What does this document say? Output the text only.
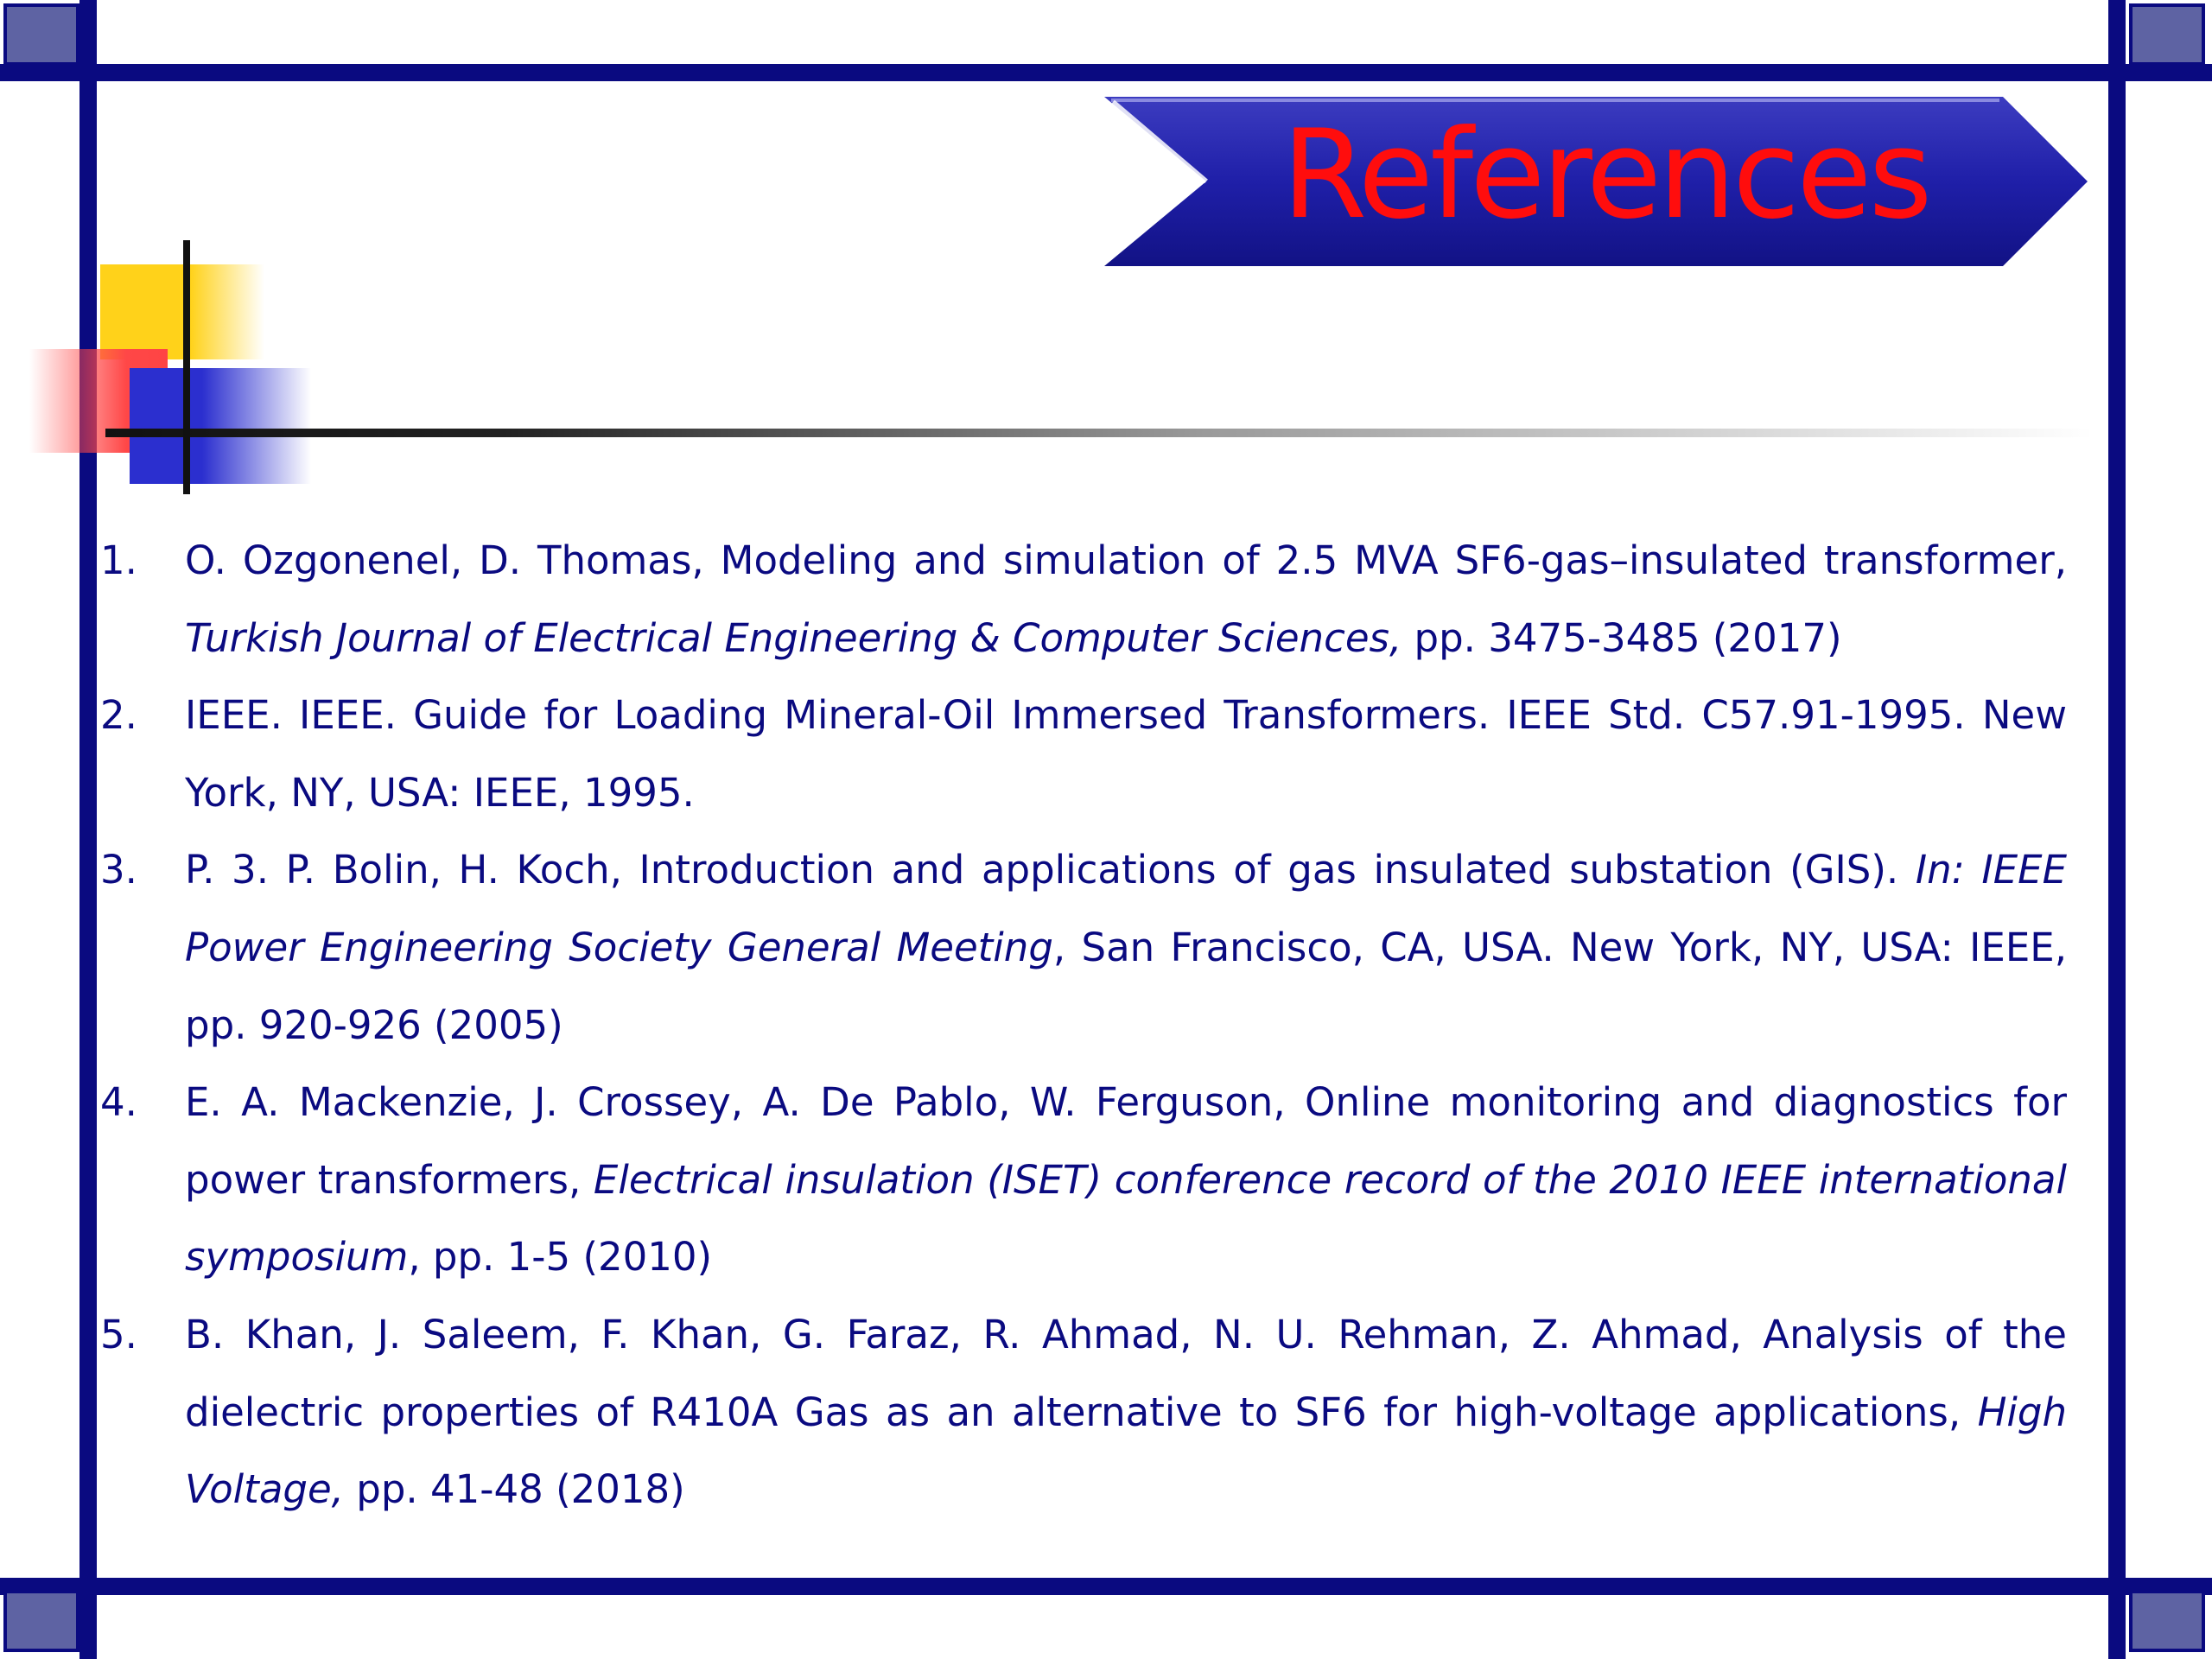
References
1. O. Ozgonenel, D. Thomas, Modeling and simulation of 2.5 MVA SF6-gas–insulated transformer, Turkish Journal of Electrical Engineering & Computer Sciences, pp. 3475-3485 (2017)
2. IEEE. IEEE. Guide for Loading Mineral-Oil Immersed Transformers. IEEE Std. C57.91-1995. New York, NY, USA: IEEE, 1995.
3. P. 3. P. Bolin, H. Koch, Introduction and applications of gas insulated substation (GIS). In: IEEE Power Engineering Society General Meeting, San Francisco, CA, USA. New York, NY, USA: IEEE, pp. 920-926 (2005)
4. E. A. Mackenzie, J. Crossey, A. De Pablo, W. Ferguson, Online monitoring and diagnostics for power transformers, Electrical insulation (ISET) conference record of the 2010 IEEE international symposium, pp. 1-5 (2010)
5. B. Khan, J. Saleem, F. Khan, G. Faraz, R. Ahmad, N. U. Rehman, Z. Ahmad, Analysis of the dielectric properties of R410A Gas as an alternative to SF6 for high-voltage applications, High Voltage, pp. 41-48 (2018)
